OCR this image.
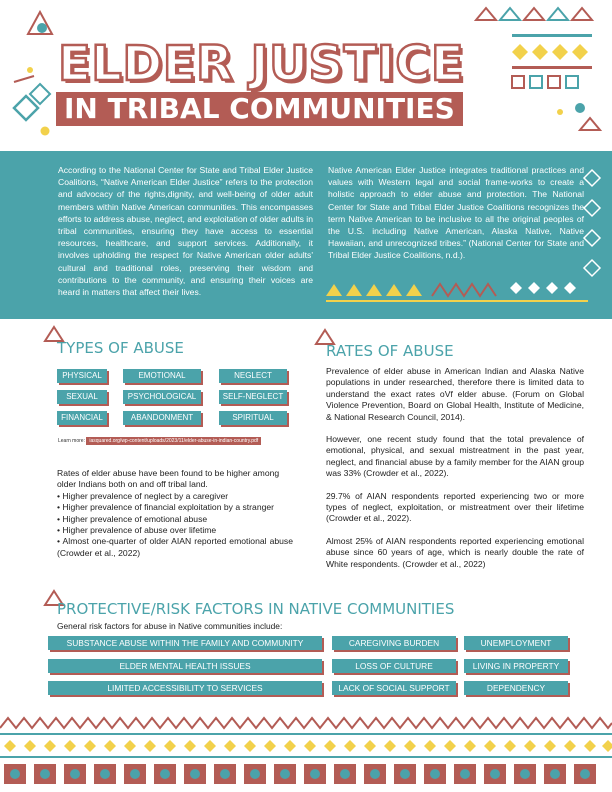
ELDER JUSTICE
IN TRIBAL COMMUNITIES

According to the National Center for State and Tribal Elder Justice Coalitions, “Native American Elder Justice” refers to the protection and advocacy of the rights,dignity, and well-being of older adult members within Native American communities. This encompasses efforts to address abuse, neglect, and exploitation of older adults in tribal communities, ensuring they have access to essential resources, healthcare, and support services. Additionally, it involves upholding the respect for Native American older adults' cultural and traditional roles, preserving their wisdom and contributions to the community, and ensuring their voices are heard in matters that affect their lives.

Native American Elder Justice integrates traditional practices and values with Western legal and social frame-works to create a holistic approach to elder abuse and protection. The National Center for State and Tribal Elder Justice Coalitions recognizes the term Native American to be inclusive to all the original peoples of the U.S. including Native American, Alaska Native, Native Hawaiian, and unrecognized tribes.” (National Center for State and Tribal Elder Justice Coalitions, n.d.).

TYPES OF ABUSE
PHYSICAL	EMOTIONAL	NEGLECT
SEXUAL	PSYCHOLOGICAL	SELF-NEGLECT
FINANCIAL	ABANDONMENT	SPIRITUAL
Learn more: iasquared.org/wp-content/uploads/2023/11/elder-abuse-in-indian-country.pdf

Rates of elder abuse have been found to be higher among older Indians both on and off tribal land.

• Higher prevalence of neglect by a caregiver

• Higher prevalence of financial exploitation by a stranger

• Higher prevalence of emotional abuse

• Higher prevalence of abuse over lifetime

• Almost one-quarter of older AIAN reported emotional abuse (Crowder et al., 2022)

RATES OF ABUSE

Prevalence of elder abuse in American Indian and Alaska Native populations in under researched, therefore there is limited data to understand the exact rates oVf elder abuse. (Forum on Global Violence Prevention, Board on Global Health, Institute of Medicine, & National Research Council, 2014).

However, one recent study found that the total prevalence of emotional, physical, and sexual mistreatment in the past year, neglect, and financial abuse by a family member for the AIAN group was 33% (Crowder et al., 2022).

29.7% of AIAN respondents reported experiencing two or more types of neglect, exploitation, or mistreatment over their lifetime (Crowder et al., 2022).

Almost 25% of AIAN respondents reported experiencing emotional abuse since 60 years of age, which is nearly double the rate of White respondents. (Crowder et al., 2022)

PROTECTIVE/RISK FACTORS IN NATIVE COMMUNITIES
General risk factors for abuse in Native communities include:
SUBSTANCE ABUSE WITHIN THE FAMILY AND COMMUNITY	CAREGIVING BURDEN	UNEMPLOYMENT
ELDER MENTAL HEALTH ISSUES	LOSS OF CULTURE	LIVING IN PROPERTY
LIMITED ACCESSIBILITY TO SERVICES	LACK OF SOCIAL SUPPORT	DEPENDENCY
